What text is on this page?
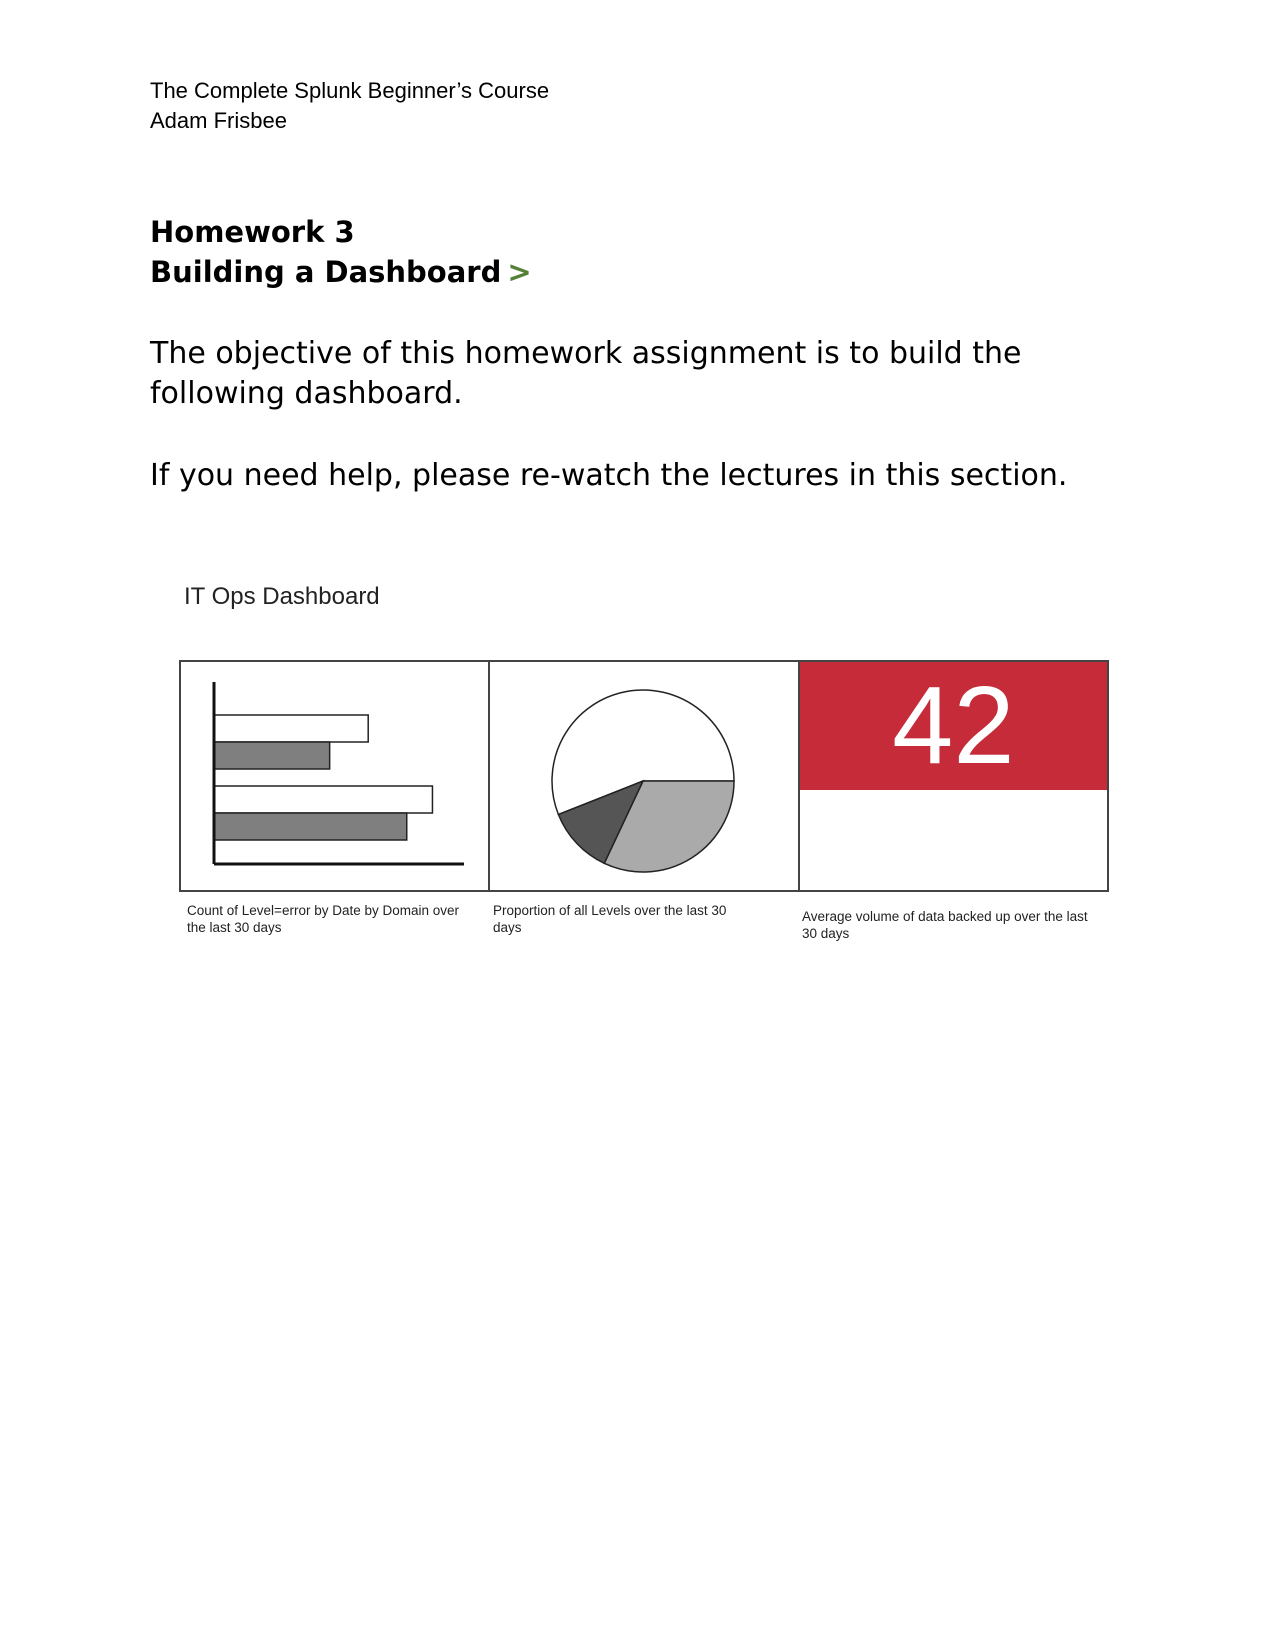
The Complete Splunk Beginner’s Course
Adam Frisbee
Homework 3
Building a Dashboard >
The objective of this homework assignment is to build the following dashboard.
If you need help, please re-watch the lectures in this section.
IT Ops Dashboard
42
Count of Level=error by Date by Domain over the last 30 days
Proportion of all Levels over the last 30 days
Average volume of data backed up over the last 30 days
